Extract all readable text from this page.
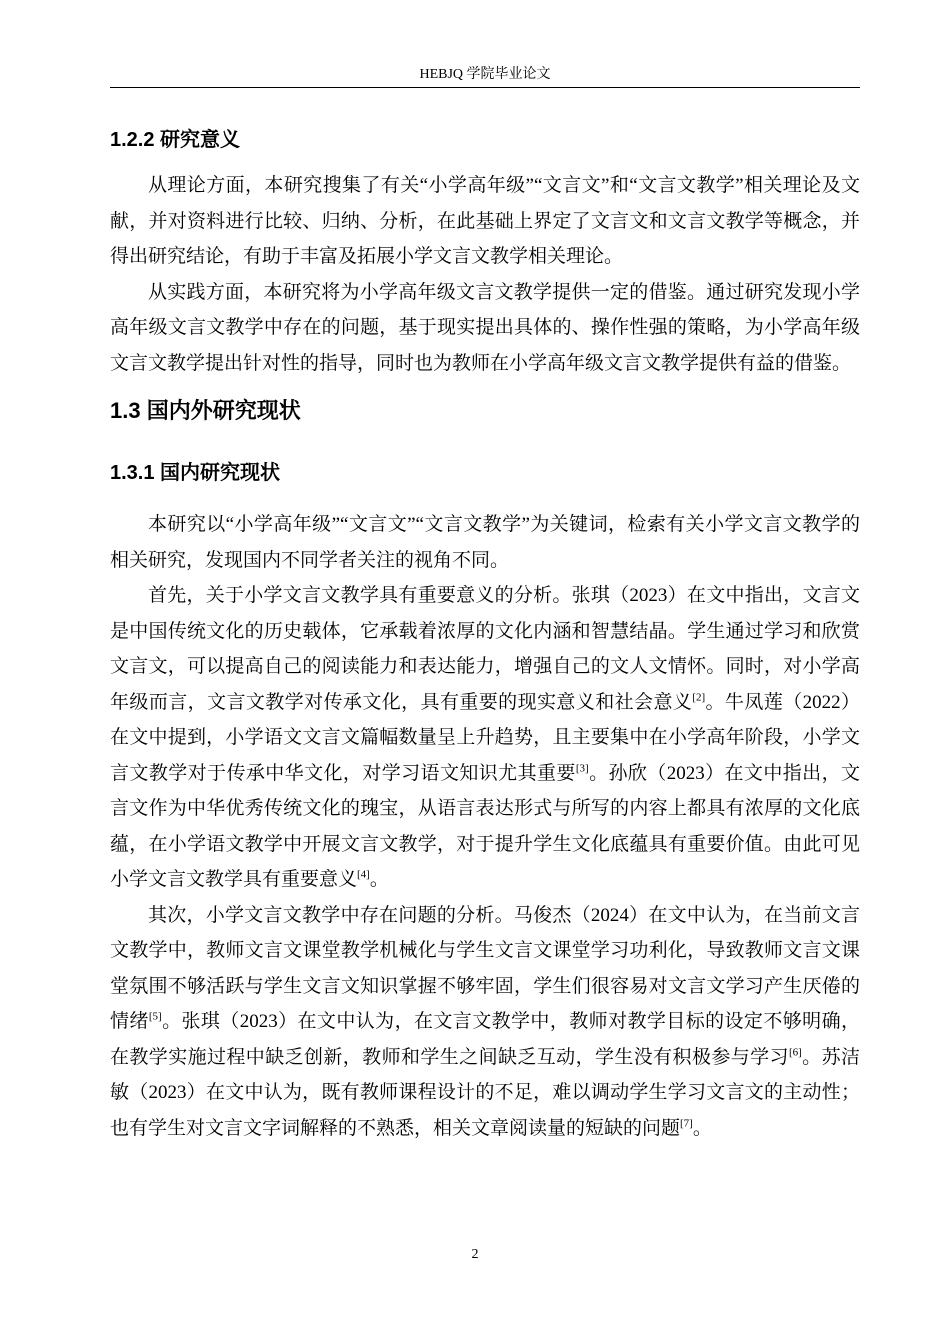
HEBJQ 学院毕业论文
1.2.2 研究意义

从理论方面，本研究搜集了有关“小学高年级”“文言文”和“文言文教学”相关理论及文献，并对资料进行比较、归纳、分析，在此基础上界定了文言文和文言文教学等概念，并得出研究结论，有助于丰富及拓展小学文言文教学相关理论。

从实践方面，本研究将为小学高年级文言文教学提供一定的借鉴。通过研究发现小学高年级文言文教学中存在的问题，基于现实提出具体的、操作性强的策略，为小学高年级文言文教学提出针对性的指导，同时也为教师在小学高年级文言文教学提供有益的借鉴。

1.3 国内外研究现状
1.3.1 国内研究现状

本研究以“小学高年级”“文言文”“文言文教学”为关键词，检索有关小学文言文教学的相关研究，发现国内不同学者关注的视角不同。

首先，关于小学文言文教学具有重要意义的分析。张琪（2023）在文中指出，文言文是中国传统文化的历史载体，它承载着浓厚的文化内涵和智慧结晶。学生通过学习和欣赏文言文，可以提高自己的阅读能力和表达能力，增强自己的文人文情怀。同时，对小学高年级而言，文言文教学对传承文化，具有重要的现实意义和社会意义[2]。牛凤莲（2022）在文中提到，小学语文文言文篇幅数量呈上升趋势，且主要集中在小学高年阶段，小学文言文教学对于传承中华文化，对学习语文知识尤其重要[3]。孙欣（2023）在文中指出，文言文作为中华优秀传统文化的瑰宝，从语言表达形式与所写的内容上都具有浓厚的文化底蕴，在小学语文教学中开展文言文教学，对于提升学生文化底蕴具有重要价值。由此可见小学文言文教学具有重要意义[4]。

其次，小学文言文教学中存在问题的分析。马俊杰（2024）在文中认为，在当前文言文教学中，教师文言文课堂教学机械化与学生文言文课堂学习功利化，导致教师文言文课堂氛围不够活跃与学生文言文知识掌握不够牢固，学生们很容易对文言文学习产生厌倦的情绪[5]。张琪（2023）在文中认为，在文言文教学中，教师对教学目标的设定不够明确，在教学实施过程中缺乏创新，教师和学生之间缺乏互动，学生没有积极参与学习[6]。苏洁敏（2023）在文中认为，既有教师课程设计的不足，难以调动学生学习文言文的主动性；也有学生对文言文字词解释的不熟悉，相关文章阅读量的短缺的问题[7]。

2
